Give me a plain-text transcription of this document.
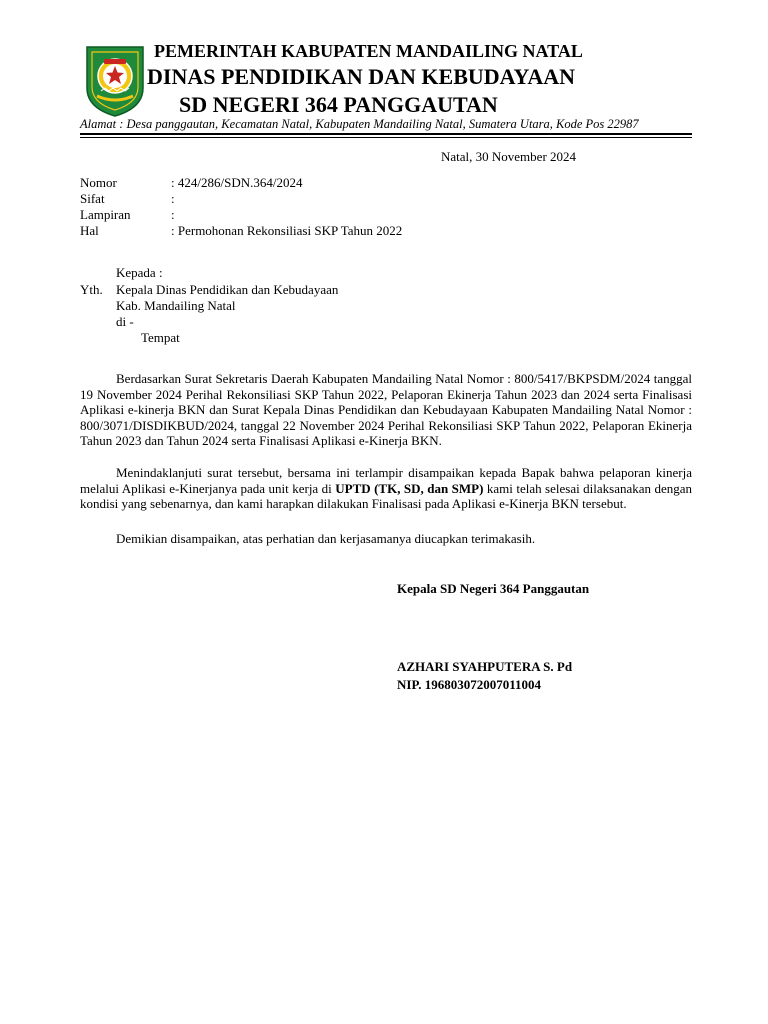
PEMERINTAH KABUPATEN MANDAILING NATAL
DINAS PENDIDIKAN DAN KEBUDAYAAN
SD NEGERI 364 PANGGAUTAN
Alamat : Desa panggautan, Kecamatan Natal, Kabupaten Mandailing Natal, Sumatera Utara, Kode Pos 22987
Natal, 30 November 2024
Nomor	: 424/286/SDN.364/2024
Sifat	:
Lampiran	:
Hal	: Permohonan Rekonsiliasi SKP Tahun 2022
Kepada :
Yth. Kepala Dinas Pendidikan dan Kebudayaan
Kab. Mandailing Natal
di -
Tempat

Berdasarkan Surat Sekretaris Daerah Kabupaten Mandailing Natal Nomor : 800/5417/BKPSDM/2024 tanggal 19 November 2024 Perihal Rekonsiliasi SKP Tahun 2022, Pelaporan Ekinerja Tahun 2023 dan 2024 serta Finalisasi Aplikasi e-kinerja BKN dan Surat Kepala Dinas Pendidikan dan Kebudayaan Kabupaten Mandailing Natal Nomor : 800/3071/DISDIKBUD/2024, tanggal 22 November 2024 Perihal Rekonsiliasi SKP Tahun 2022, Pelaporan Ekinerja Tahun 2023 dan Tahun 2024 serta Finalisasi Aplikasi e-Kinerja BKN.

Menindaklanjuti surat tersebut, bersama ini terlampir disampaikan kepada Bapak bahwa pelaporan kinerja melalui Aplikasi e-Kinerjanya pada unit kerja di UPTD (TK, SD, dan SMP) kami telah selesai dilaksanakan dengan kondisi yang sebenarnya, dan kami harapkan dilakukan Finalisasi pada Aplikasi e-Kinerja BKN tersebut.

Demikian disampaikan, atas perhatian dan kerjasamanya diucapkan terimakasih.

Kepala SD Negeri 364 Panggautan
AZHARI SYAHPUTERA S. Pd
NIP. 196803072007011004
